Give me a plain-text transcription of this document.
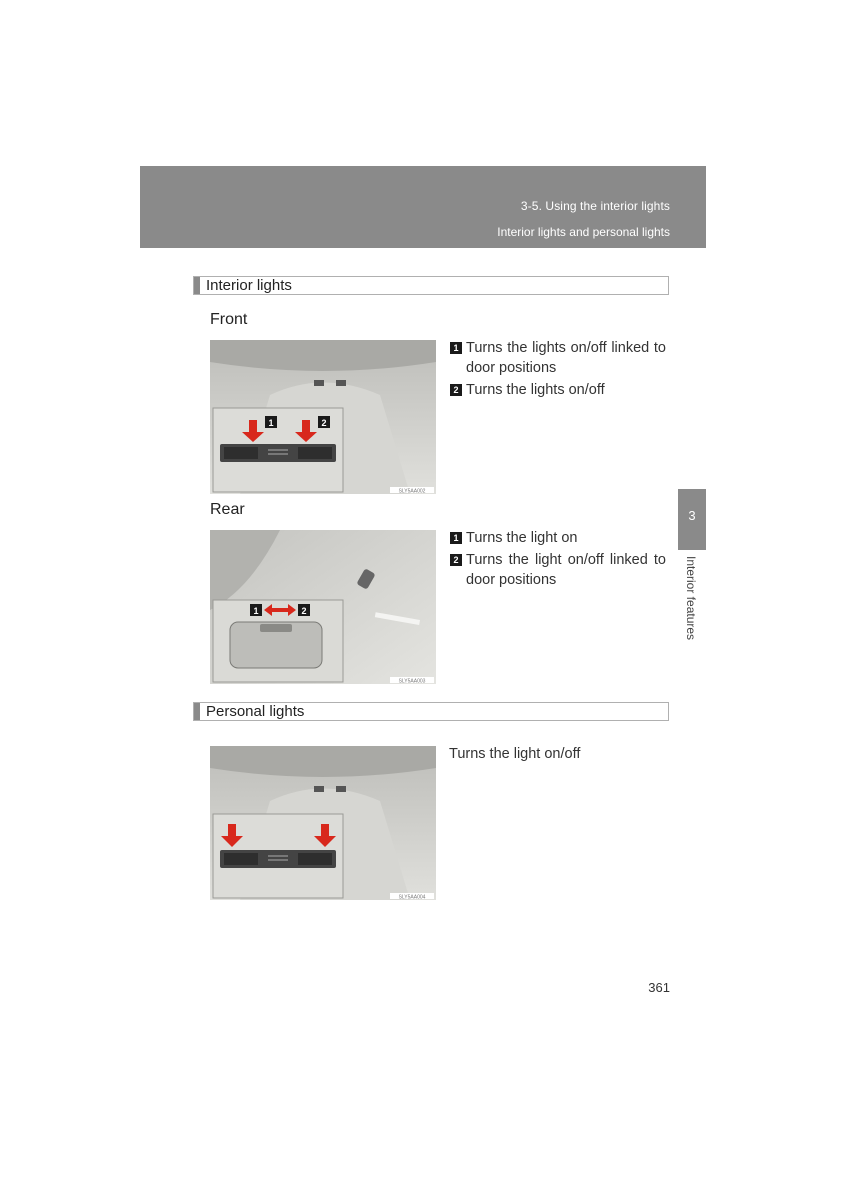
3-5. Using the interior lights
Interior lights and personal lights
Interior lights
Front
1	2
SLY5AA002
1 Turns the lights on/off linked to door positions
2 Turns the lights on/off
Rear
1	2
SLY5AA003
1 Turns the light on
2 Turns the light on/off linked to door positions
Personal lights
SLY5AA004
Turns the light on/off
3
Interior features
361
